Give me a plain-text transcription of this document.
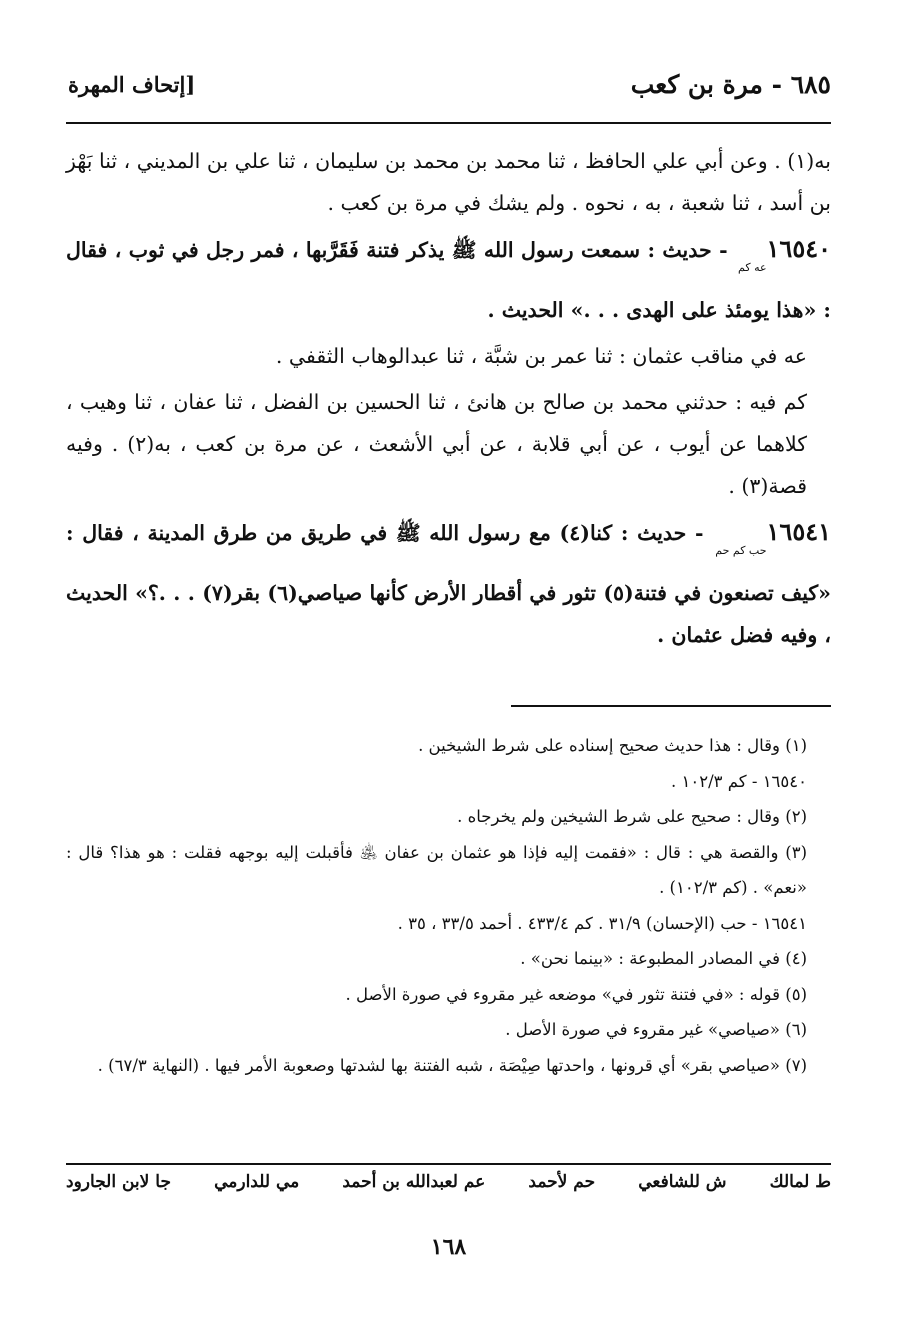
٦٨٥ - مرة بن كعب
[إتحاف المهرة

به(١) . وعن أبي علي الحافظ ، ثنا محمد بن محمد بن سليمان ، ثنا علي بن المديني ، ثنا بَهْز بن أسد ، ثنا شعبة ، به ، نحوه . ولم يشك في مرة بن كعب .

١٦٥٤٠عه كم - حديث : سمعت رسول الله ﷺ يذكر فتنة فَقَرَّبها ، فمر رجل في ثوب ، فقال : «هذا يومئذ على الهدى . . .» الحديث .

عه في مناقب عثمان : ثنا عمر بن شبَّة ، ثنا عبدالوهاب الثقفي .

كم فيه : حدثني محمد بن صالح بن هانئ ، ثنا الحسين بن الفضل ، ثنا عفان ، ثنا وهيب ، كلاهما عن أيوب ، عن أبي قلابة ، عن أبي الأشعث ، عن مرة بن كعب ، به(٢) . وفيه قصة(٣) .

١٦٥٤١حب كم حم - حديث : كنا(٤) مع رسول الله ﷺ في طريق من طرق المدينة ، فقال : «كيف تصنعون في فتنة(٥) تثور في أقطار الأرض كأنها صياصي(٦) بقر(٧) . . .؟» الحديث ، وفيه فضل عثمان .

(١) وقال : هذا حديث صحيح إسناده على شرط الشيخين .

١٦٥٤٠ - كم ١٠٢/٣ .

(٢) وقال : صحيح على شرط الشيخين ولم يخرجاه .

(٣) والقصة هي : قال : «فقمت إليه فإذا هو عثمان بن عفان ﵁ فأقبلت إليه بوجهه فقلت : هو هذا؟ قال : «نعم» . (كم ١٠٢/٣) .

١٦٥٤١ - حب (الإحسان) ٣١/٩ . كم ٤٣٣/٤ . أحمد ٣٣/٥ ، ٣٥ .

(٤) في المصادر المطبوعة : «بينما نحن» .

(٥) قوله : «في فتنة تثور في» موضعه غير مقروء في صورة الأصل .

(٦) «صياصي» غير مقروء في صورة الأصل .

(٧) «صياصي بقر» أي قرونها ، واحدتها صِيْصَة ، شبه الفتنة بها لشدتها وصعوبة الأمر فيها . (النهاية ٦٧/٣) .

ط لمالك
ش للشافعي
حم لأحمد
عم لعبدالله بن أحمد
مي للدارمي
جا لابن الجارود
١٦٨
